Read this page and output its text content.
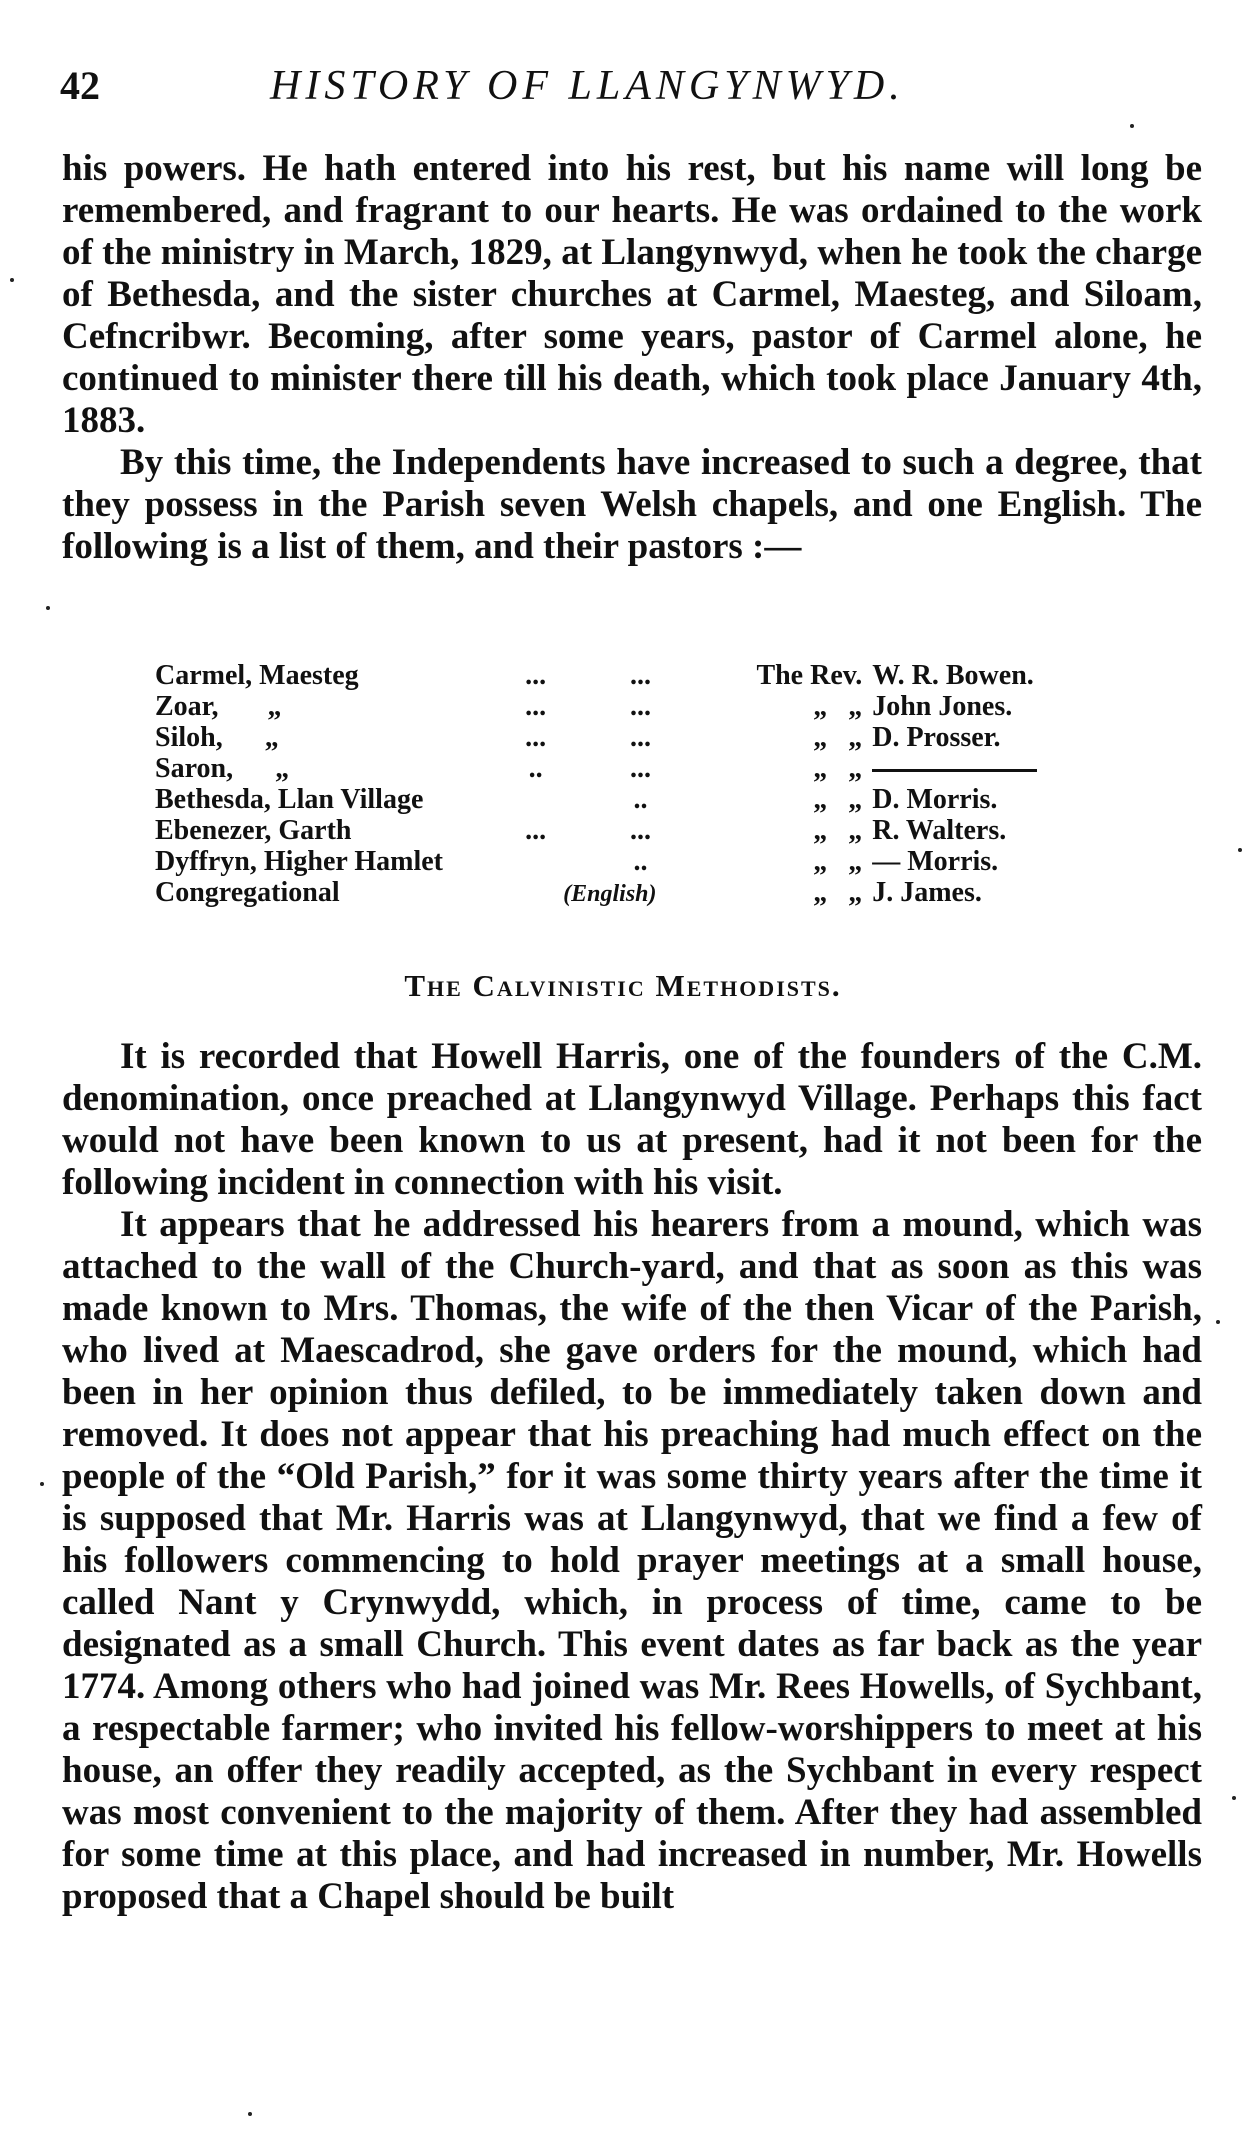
42	HISTORY OF LLANGYNWYD.

his powers. He hath entered into his rest, but his name will long be remembered, and fragrant to our hearts. He was ordained to the work of the ministry in March, 1829, at Llangynwyd, when he took the charge of Bethesda, and the sister churches at Carmel, Maesteg, and Siloam, Cefncribwr. Becoming, after some years, pastor of Carmel alone, he continued to minister there till his death, which took place January 4th, 1883.

By this time, the Independents have increased to such a degree, that they possess in the Parish seven Welsh chapels, and one English. The following is a list of them, and their pastors :—

Carmel, Maesteg	...	...	The Rev.	W. R. Bowen.
Zoar,       „	...	...	„   „	John Jones.
Siloh,      „	...	...	„   „	D. Prosser.
Saron,      „	..	...	„   „	
Bethesda, Llan Village		..	„   „	D. Morris.
Ebenezer, Garth	...	...	„   „	R. Walters.
Dyffryn, Higher Hamlet		..	„   „	— Morris.
Congregational	(English)		„   „	J. James.
The Calvinistic Methodists.

It is recorded that Howell Harris, one of the founders of the C.M. denomination, once preached at Llangynwyd Village. Perhaps this fact would not have been known to us at present, had it not been for the following incident in connection with his visit.

It appears that he addressed his hearers from a mound, which was attached to the wall of the Church-yard, and that as soon as this was made known to Mrs. Thomas, the wife of the then Vicar of the Parish, who lived at Maescadrod, she gave orders for the mound, which had been in her opinion thus defiled, to be immediately taken down and removed. It does not appear that his preaching had much effect on the people of the “Old Parish,” for it was some thirty years after the time it is supposed that Mr. Harris was at Llangynwyd, that we find a few of his followers commencing to hold prayer meetings at a small house, called Nant y Crynwydd, which, in process of time, came to be designated as a small Church. This event dates as far back as the year 1774. Among others who had joined was Mr. Rees Howells, of Sychbant, a respectable farmer; who invited his fellow-worshippers to meet at his house, an offer they readily accepted, as the Sychbant in every respect was most convenient to the majority of them. After they had assembled for some time at this place, and had increased in number, Mr. Howells proposed that a Chapel should be built
